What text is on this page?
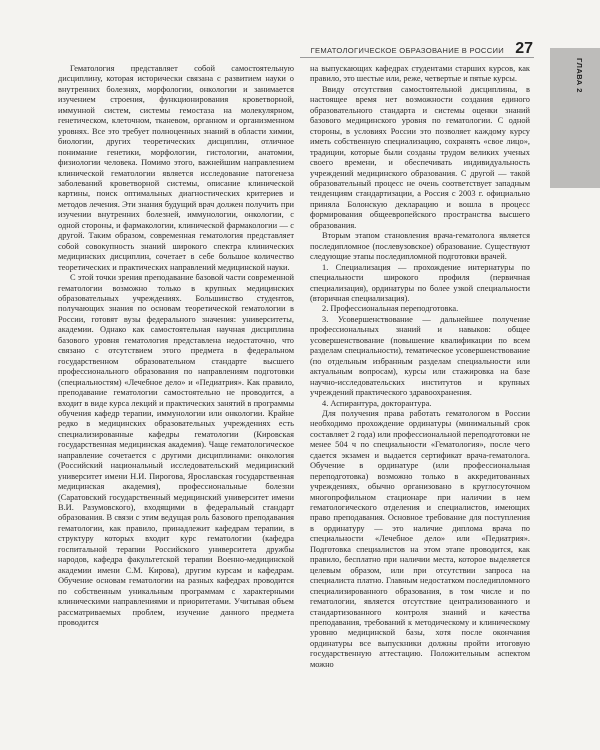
ГЕМАТОЛОГИЧЕСКОЕ ОБРАЗОВАНИЕ В РОССИИ 27
ГЛАВА 2

Гематология представляет собой самостоятельную дисциплину, которая исторически связана с развитием науки о внутренних болезнях, морфологии, онкологии и занимается изучением строения, функционирования кроветворной, иммунной систем, системы гемостаза на молекулярном, генетическом, клеточном, тканевом, органном и организменном уровнях. Все это требует полноценных знаний в области химии, биологии, других теоретических дисциплин, отличное понимание генетики, морфологии, гистологии, анатомии, физиологии человека. Помимо этого, важнейшим направлением клинической гематологии является исследование патогенеза заболеваний кроветворной системы, описание клинической картины, поиск оптимальных диагностических критериев и методов лечения. Эти знания будущий врач должен получить при изучении внутренних болезней, иммунологии, онкологии, с одной стороны, и фармакологии, клинической фармакологии — с другой. Таким образом, современная гематология представляет собой совокупность знаний широкого спектра клинических медицинских дисциплин, сочетает в себе большое количество теоретических и практических направлений медицинской науки.

С этой точки зрения преподавание базовой части современной гематологии возможно только в крупных медицинских образовательных учреждениях. Большинство студентов, получающих знания по основам теоретической гематологии в России, готовят вузы федерального значения: университеты, академии. Однако как самостоятельная научная дисциплина базового уровня гематология представлена недостаточно, что связано с отсутствием этого предмета в федеральном государственном образовательном стандарте высшего профессионального образования по направлениям подготовки (специальностям) «Лечебное дело» и «Педиатрия». Как правило, преподавание гематологии самостоятельно не проводится, а входит в виде курса лекций и практических занятий в программы обучения кафедр терапии, иммунологии или онкологии. Крайне редко в медицинских образовательных учреждениях есть специализированные кафедры гематологии (Кировская государственная медицинская академия). Чаще гематологическое направление сочетается с другими дисциплинами: онкология (Российский национальный исследовательский медицинский университет имени Н.И. Пирогова, Ярославская государственная медицинская академия), профессиональные болезни (Саратовский государственный медицинский университет имени В.И. Разумовского), входящими в федеральный стандарт образования. В связи с этим ведущая роль базового преподавания гематологии, как правило, принадлежит кафедрам терапии, в структуру которых входит курс гематологии (кафедра госпитальной терапии Российского университета дружбы народов, кафедра факультетской терапии Военно-медицинской академии имени С.М. Кирова), другим курсам и кафедрам. Обучение основам гематологии на разных кафедрах проводится по собственным уникальным программам с характерными клиническими направлениями и приоритетами. Учитывая объем рассматриваемых проблем, изучение данного предмета проводится

на выпускающих кафедрах студентами старших курсов, как правило, это шестые или, реже, четвертые и пятые курсы.

Ввиду отсутствия самостоятельной дисциплины, в настоящее время нет возможности создания единого образовательного стандарта и системы оценки знаний базового медицинского уровня по гематологии. С одной стороны, в условиях России это позволяет каждому курсу иметь собственную специализацию, сохранять «свое лицо», традиции, которые были созданы трудом великих ученых своего времени, и обеспечивать индивидуальность учреждений медицинского образования. С другой — такой образовательный процесс не очень соответствует западным тенденциям стандартизации, а Россия с 2003 г. официально приняла Болонскую декларацию и вошла в процесс формирования общеевропейского пространства высшего образования.

Вторым этапом становления врача-гематолога является последипломное (послевузовское) образование. Существуют следующие этапы последипломной подготовки врачей.

1. Специализация — прохождение интернатуры по специальности широкого профиля (первичная специализация), ординатуры по более узкой специальности (вторичная специализация).

2. Профессиональная переподготовка.

3. Усовершенствование — дальнейшее получение профессиональных знаний и навыков: общее усовершенствование (повышение квалификации по всем разделам специальности), тематическое усовершенствование (по отдельным избранным разделам специальности или актуальным вопросам), курсы или стажировка на базе научно-исследовательских институтов и крупных учреждений практического здравоохранения.

4. Аспирантура, докторантура.

Для получения права работать гематологом в России необходимо прохождение ординатуры (минимальный срок составляет 2 года) или профессиональной переподготовки не менее 504 ч по специальности «Гематология», после чего сдается экзамен и выдается сертификат врача-гематолога. Обучение в ординатуре (или профессиональная переподготовка) возможно только в аккредитованных учреждениях, обычно организовано в круглосуточном многопрофильном стационаре при наличии в нем гематологического отделения и специалистов, имеющих право преподавания. Основное требование для поступления в ординатуру — это наличие диплома врача по специальности «Лечебное дело» или «Педиатрия». Подготовка специалистов на этом этапе проводится, как правило, бесплатно при наличии места, которое выделяется целевым образом, или при отсутствии запроса на специалиста платно. Главным недостатком последипломного специализированного образования, в том числе и по гематологии, является отсутствие централизованного и стандартизованного контроля знаний и качества преподавания, требований к методическому и клиническому уровню медицинской базы, хотя после окончания ординатуры все выпускники должны пройти итоговую государственную аттестацию. Положительным аспектом можно
